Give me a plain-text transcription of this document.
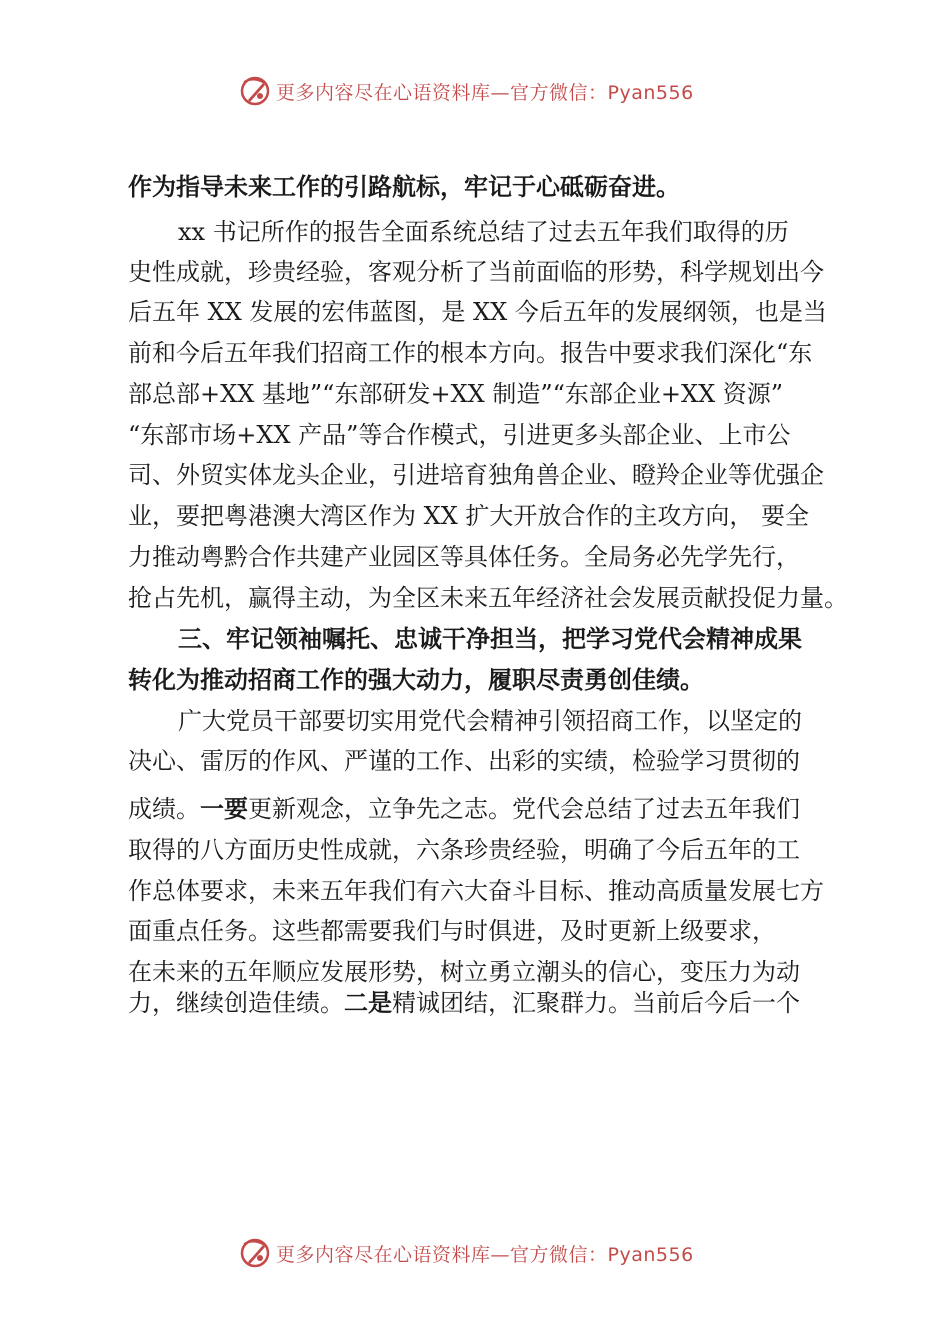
更多内容尽在心语资料库—官方微信：Pyan556
作为指导未来工作的引路航标，牢记于心砥砺奋进。
xx 书记所作的报告全面系统总结了过去五年我们取得的历
史性成就，珍贵经验，客观分析了当前面临的形势，科学规划出今
后五年 XX 发展的宏伟蓝图，是 XX 今后五年的发展纲领，也是当
前和今后五年我们招商工作的根本方向。报告中要求我们深化“东
部总部+XX 基地”“东部研发+XX 制造”“东部企业+XX 资源”
“东部市场+XX 产品”等合作模式，引进更多头部企业、上市公
司、外贸实体龙头企业，引进培育独角兽企业、瞪羚企业等优强企
业，要把粤港澳大湾区作为 XX 扩大开放合作的主攻方向， 要全
力推动粤黔合作共建产业园区等具体任务。全局务必先学先行，
抢占先机，赢得主动，为全区未来五年经济社会发展贡献投促力量。
三、牢记领袖嘱托、忠诚干净担当，把学习党代会精神成果
转化为推动招商工作的强大动力，履职尽责勇创佳绩。
广大党员干部要切实用党代会精神引领招商工作，以坚定的
决心、雷厉的作风、严谨的工作、出彩的实绩，检验学习贯彻的
成绩。一要更新观念，立争先之志。党代会总结了过去五年我们
取得的八方面历史性成就，六条珍贵经验，明确了今后五年的工
作总体要求，未来五年我们有六大奋斗目标、推动高质量发展七方
面重点任务。这些都需要我们与时俱进，及时更新上级要求，
在未来的五年顺应发展形势，树立勇立潮头的信心，变压力为动
力，继续创造佳绩。二是精诚团结，汇聚群力。当前后今后一个
更多内容尽在心语资料库—官方微信：Pyan556
